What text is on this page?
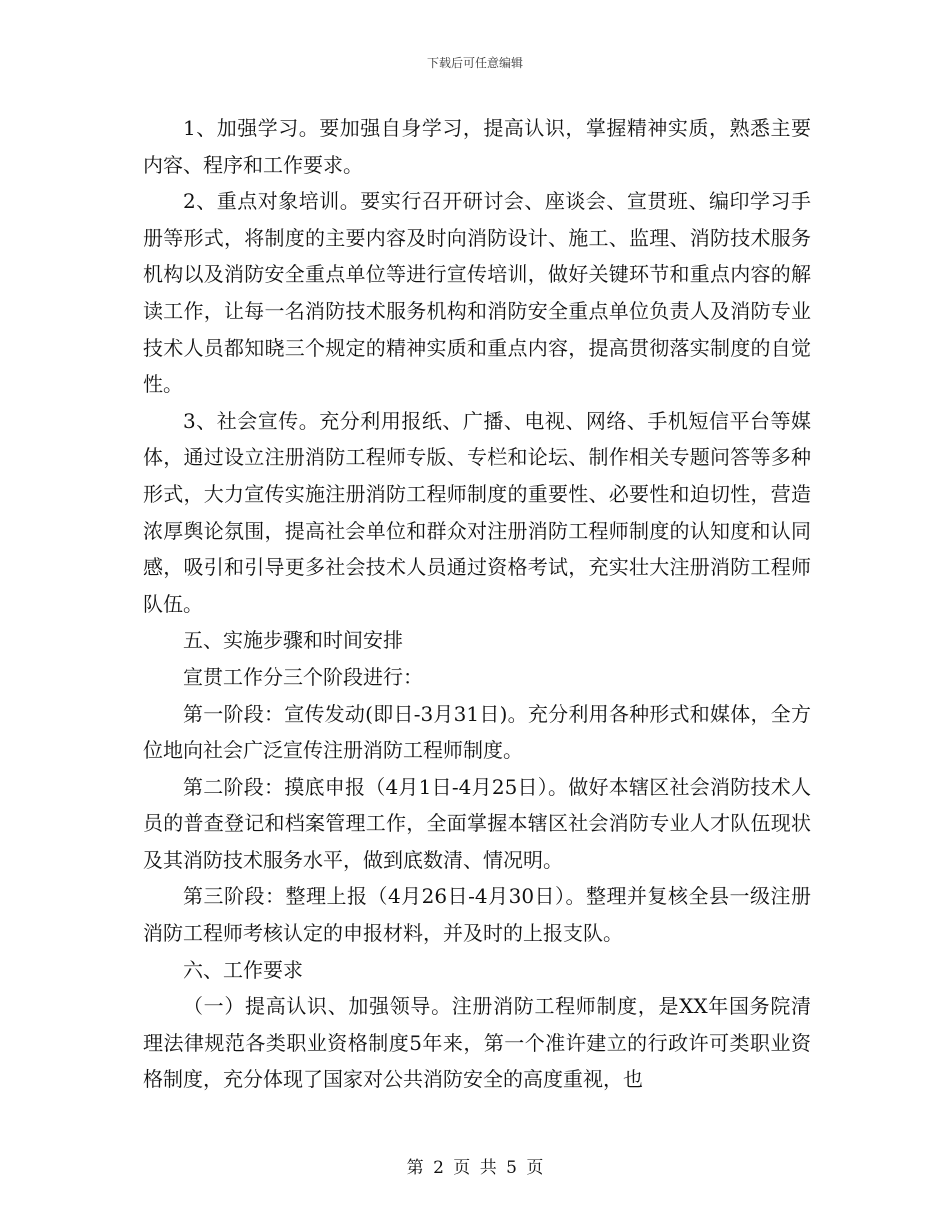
下载后可任意编辑

1、加强学习。要加强自身学习，提高认识，掌握精神实质，熟悉主要内容、程序和工作要求。

2、重点对象培训。要实行召开研讨会、座谈会、宣贯班、编印学习手册等形式，将制度的主要内容及时向消防设计、施工、监理、消防技术服务机构以及消防安全重点单位等进行宣传培训，做好关键环节和重点内容的解读工作，让每一名消防技术服务机构和消防安全重点单位负责人及消防专业技术人员都知晓三个规定的精神实质和重点内容，提高贯彻落实制度的自觉性。

3、社会宣传。充分利用报纸、广播、电视、网络、手机短信平台等媒体，通过设立注册消防工程师专版、专栏和论坛、制作相关专题问答等多种形式，大力宣传实施注册消防工程师制度的重要性、必要性和迫切性，营造浓厚舆论氛围，提高社会单位和群众对注册消防工程师制度的认知度和认同感，吸引和引导更多社会技术人员通过资格考试，充实壮大注册消防工程师队伍。

五、实施步骤和时间安排

宣贯工作分三个阶段进行：

第一阶段：宣传发动(即日-3月31日)。充分利用各种形式和媒体，全方位地向社会广泛宣传注册消防工程师制度。

第二阶段：摸底申报（4月1日-4月25日）。做好本辖区社会消防技术人员的普查登记和档案管理工作，全面掌握本辖区社会消防专业人才队伍现状及其消防技术服务水平，做到底数清、情况明。

第三阶段：整理上报（4月26日-4月30日）。整理并复核全县一级注册消防工程师考核认定的申报材料，并及时的上报支队。

六、工作要求

（一）提高认识、加强领导。注册消防工程师制度，是XX年国务院清理法律规范各类职业资格制度5年来，第一个准许建立的行政许可类职业资格制度，充分体现了国家对公共消防安全的高度重视，也

第 2 页 共 5 页
